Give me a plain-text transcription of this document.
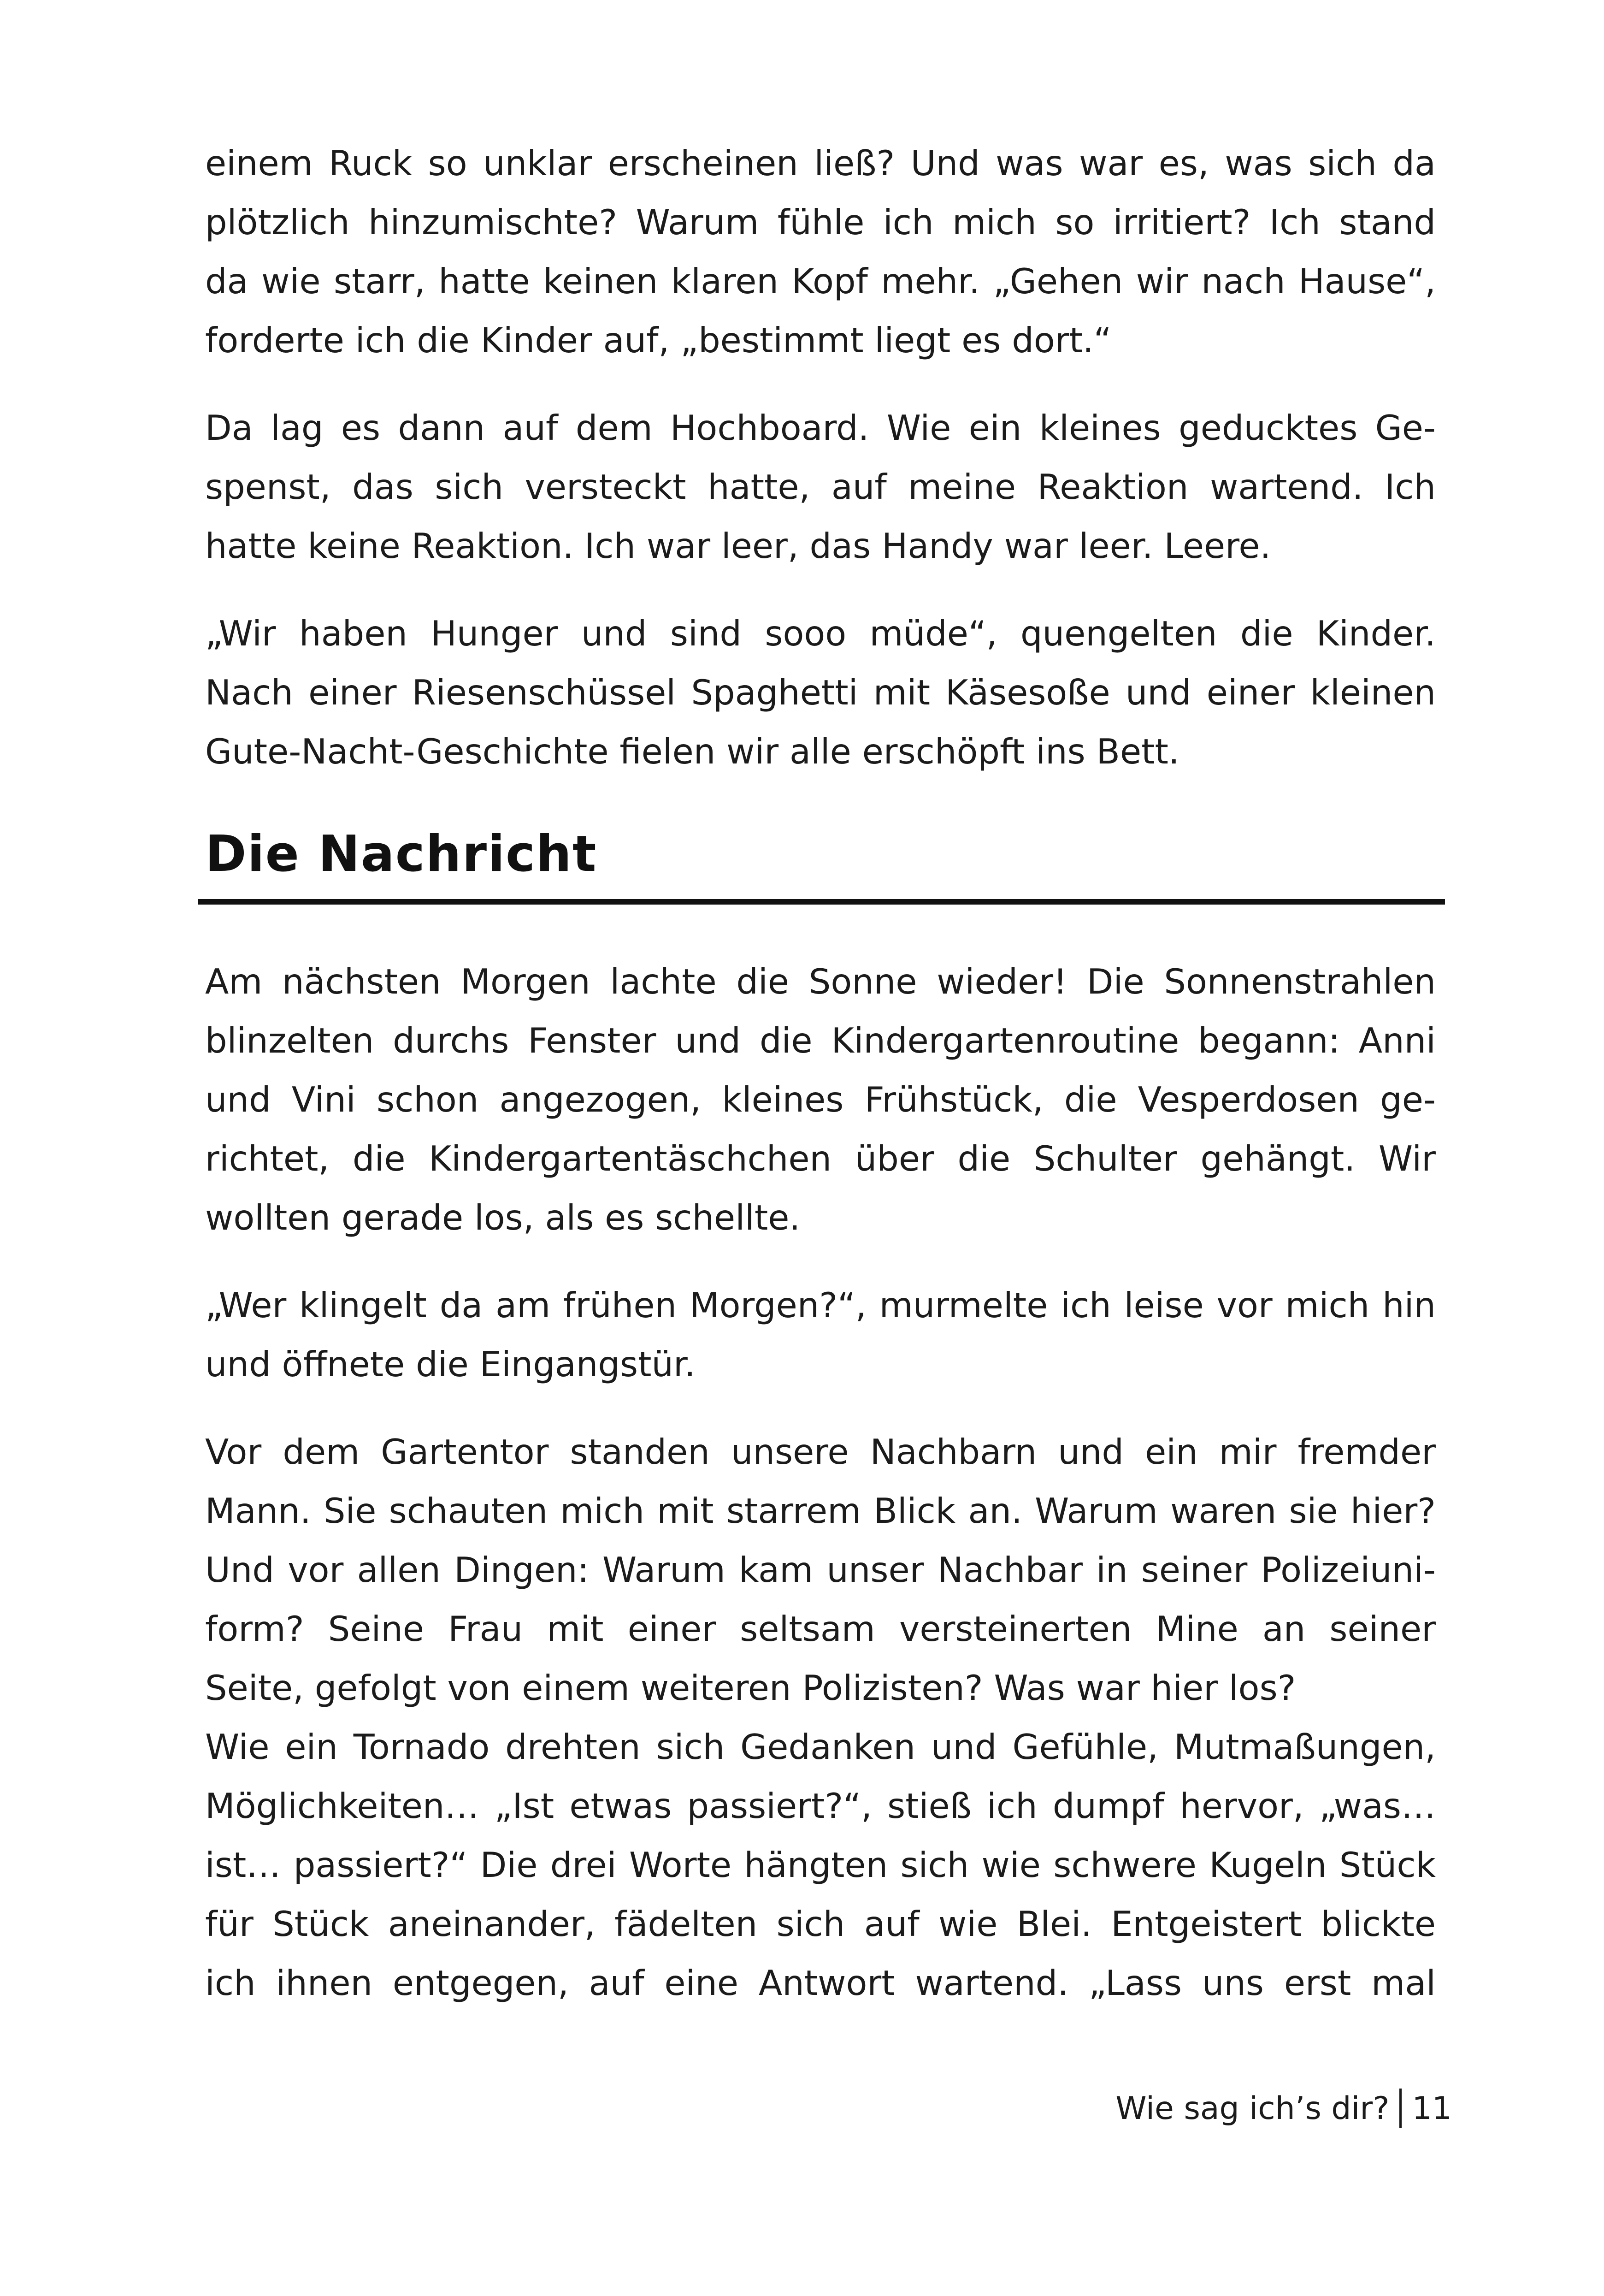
einem Ruck so unklar erscheinen ließ? Und was war es, was sich da
plötzlich hinzumischte? Warum fühle ich mich so irritiert? Ich stand
da wie starr, hatte keinen klaren Kopf mehr. „Gehen wir nach Hause“,
forderte ich die Kinder auf, „bestimmt liegt es dort.“

Da lag es dann auf dem Hochboard. Wie ein kleines geducktes Ge-
spenst, das sich versteckt hatte, auf meine Reaktion wartend. Ich
hatte keine Reaktion. Ich war leer, das Handy war leer. Leere.

„Wir haben Hunger und sind sooo müde“, quengelten die Kinder.
Nach einer Riesenschüssel Spaghetti mit Käsesoße und einer kleinen
Gute-Nacht-Geschichte fielen wir alle erschöpft ins Bett.

Die Nachricht

Am nächsten Morgen lachte die Sonne wieder! Die Sonnenstrahlen
blinzelten durchs Fenster und die Kindergartenroutine begann: Anni
und Vini schon angezogen, kleines Frühstück, die Vesperdosen ge-
richtet, die Kindergartentäschchen über die Schulter gehängt. Wir
wollten gerade los, als es schellte.

„Wer klingelt da am frühen Morgen?“, murmelte ich leise vor mich hin
und öffnete die Eingangstür.

Vor dem Gartentor standen unsere Nachbarn und ein mir fremder
Mann. Sie schauten mich mit starrem Blick an. Warum waren sie hier?
Und vor allen Dingen: Warum kam unser Nachbar in seiner Polizeiuni-
form? Seine Frau mit einer seltsam versteinerten Mine an seiner
Seite, gefolgt von einem weiteren Polizisten? Was war hier los?
Wie ein Tornado drehten sich Gedanken und Gefühle, Mutmaßungen,
Möglichkeiten… „Ist etwas passiert?“, stieß ich dumpf hervor, „was…
ist… passiert?“ Die drei Worte hängten sich wie schwere Kugeln Stück
für Stück aneinander, fädelten sich auf wie Blei. Entgeistert blickte
ich ihnen entgegen, auf eine Antwort wartend. „Lass uns erst mal

Wie sag ich’s dir? 11
